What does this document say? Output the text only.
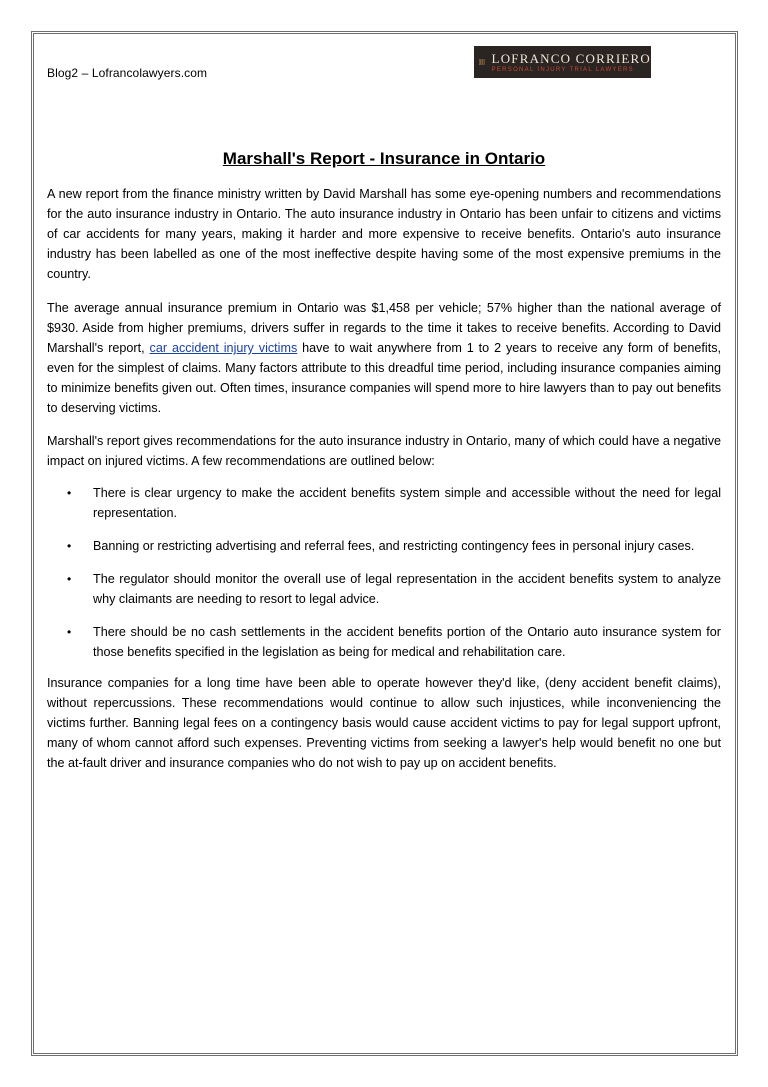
Blog2 – Lofrancolawyers.com
LOFRANCO CORRIERO
PERSONAL INJURY TRIAL LAWYERS
Marshall's Report - Insurance in Ontario

A new report from the finance ministry written by David Marshall has some eye-opening numbers and recommendations for the auto insurance industry in Ontario. The auto insurance industry in Ontario has been unfair to citizens and victims of car accidents for many years, making it harder and more expensive to receive benefits. Ontario's auto insurance industry has been labelled as one of the most ineffective despite having some of the most expensive premiums in the country.

The average annual insurance premium in Ontario was $1,458 per vehicle; 57% higher than the national average of $930. Aside from higher premiums, drivers suffer in regards to the time it takes to receive benefits. According to David Marshall's report, car accident injury victims have to wait anywhere from 1 to 2 years to receive any form of benefits, even for the simplest of claims. Many factors attribute to this dreadful time period, including insurance companies aiming to minimize benefits given out. Often times, insurance companies will spend more to hire lawyers than to pay out benefits to deserving victims.

Marshall's report gives recommendations for the auto insurance industry in Ontario, many of which could have a negative impact on injured victims. A few recommendations are outlined below:

• There is clear urgency to make the accident benefits system simple and accessible without the need for legal representation.
• Banning or restricting advertising and referral fees, and restricting contingency fees in personal injury cases.
• The regulator should monitor the overall use of legal representation in the accident benefits system to analyze why claimants are needing to resort to legal advice.
• There should be no cash settlements in the accident benefits portion of the Ontario auto insurance system for those benefits specified in the legislation as being for medical and rehabilitation care.

Insurance companies for a long time have been able to operate however they'd like, (deny accident benefit claims), without repercussions. These recommendations would continue to allow such injustices, while inconveniencing the victims further. Banning legal fees on a contingency basis would cause accident victims to pay for legal support upfront, many of whom cannot afford such expenses. Preventing victims from seeking a lawyer's help would benefit no one but the at-fault driver and insurance companies who do not wish to pay up on accident benefits.
